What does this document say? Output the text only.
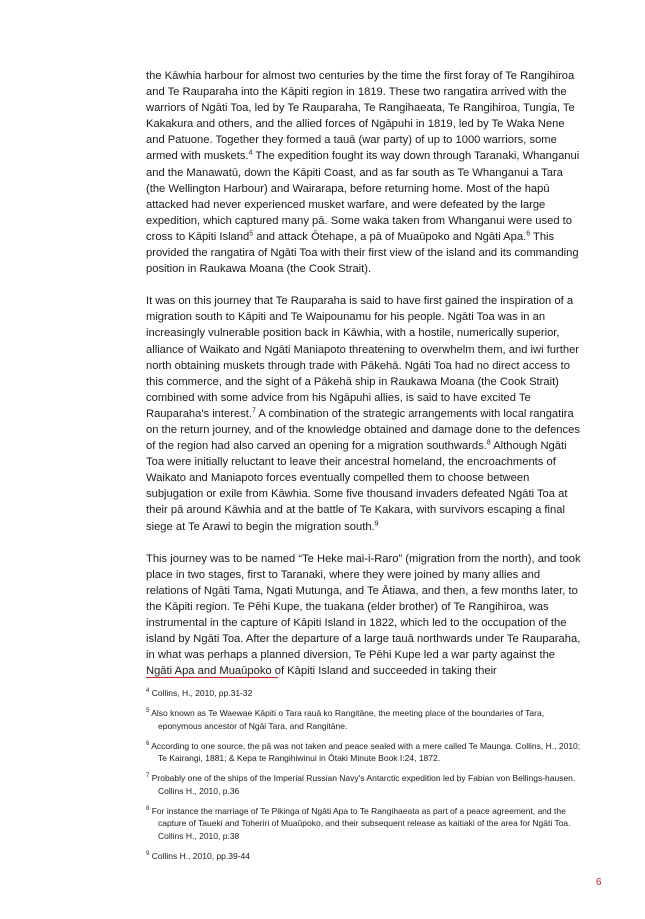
the Kāwhia harbour for almost two centuries by the time the first foray of Te Rangihiroa and Te Rauparaha into the Kāpiti region in 1819. These two rangatira arrived with the warriors of Ngāti Toa, led by Te Rauparaha, Te Rangihaeata, Te Rangihiroa, Tungia, Te Kakakura and others, and the allied forces of Ngāpuhi in 1819, led by Te Waka Nene and Patuone. Together they formed a tauā (war party) of up to 1000 warriors, some armed with muskets.$^4$ The expedition fought its way down through Taranaki, Whanganui and the Manawatū, down the Kāpiti Coast, and as far south as Te Whanganui a Tara (the Wellington Harbour) and Wairarapa, before returning home. Most of the hapū attacked had never experienced musket warfare, and were defeated by the large expedition, which captured many pā. Some waka taken from Whanganui were used to cross to Kāpiti Island$^5$ and attack Ōtehape, a pā of Muaūpoko and Ngāti Apa.$^6$ This provided the rangatira of Ngāti Toa with their first view of the island and its commanding position in Raukawa Moana (the Cook Strait).

It was on this journey that Te Rauparaha is said to have first gained the inspiration of a migration south to Kāpiti and Te Waipounamu for his people. Ngāti Toa was in an increasingly vulnerable position back in Kāwhia, with a hostile, numerically superior, alliance of Waikato and Ngāti Maniapoto threatening to overwhelm them, and iwi further north obtaining muskets through trade with Pākehā. Ngāti Toa had no direct access to this commerce, and the sight of a Pākehā ship in Raukawa Moana (the Cook Strait) combined with some advice from his Ngāpuhi allies, is said to have excited Te Rauparaha's interest.$^7$ A combination of the strategic arrangements with local rangatira on the return journey, and of the knowledge obtained and damage done to the defences of the region had also carved an opening for a migration southwards.$^8$ Although Ngāti Toa were initially reluctant to leave their ancestral homeland, the encroachments of Waikato and Maniapoto forces eventually compelled them to choose between subjugation or exile from Kāwhia. Some five thousand invaders defeated Ngāti Toa at their pā around Kāwhia and at the battle of Te Kakara, with survivors escaping a final siege at Te Arawi to begin the migration south.$^9$

This journey was to be named “Te Heke mai-i-Raro” (migration from the north), and took place in two stages, first to Taranaki, where they were joined by many allies and relations of Ngāti Tama, Ngati Mutunga, and Te Ātiawa, and then, a few months later, to the Kāpiti region. Te Pēhi Kupe, the tuakana (elder brother) of Te Rangihiroa, was instrumental in the capture of Kāpiti Island in 1822, which led to the occupation of the island by Ngāti Toa. After the departure of a large tauā northwards under Te Rauparaha, in what was perhaps a planned diversion, Te Pēhi Kupe led a war party against the Ngāti Apa and Muaūpoko of Kāpiti Island and succeeded in taking their

$^4$ Collins, H., 2010, pp.31-32
$^5$ Also known as Te Waewae Kāpiti o Tara rauā ko Rangitāne, the meeting place of the boundaries of Tara, eponymous ancestor of Ngāi Tara, and Rangitāne.
$^6$ According to one source, the pā was not taken and peace sealed with a mere called Te Maunga. Collins, H., 2010; Te Kairangi, 1881; & Kepa te Rangihiwinui in Ōtaki Minute Book I:24, 1872.
$^7$ Probably one of the ships of the Imperial Russian Navy's Antarctic expedition led by Fabian von Bellings-hausen. Collins H., 2010, p.36
$^8$ For instance the marriage of Te Pikinga of Ngāti Apa to Te Rangihaeata as part of a peace agreement, and the capture of Taueki and Toheriri of Muaūpoko, and their subsequent release as kaitiaki of the area for Ngāti Toa. Collins H., 2010, p.38
$^9$ Collins H., 2010, pp.39-44
6
